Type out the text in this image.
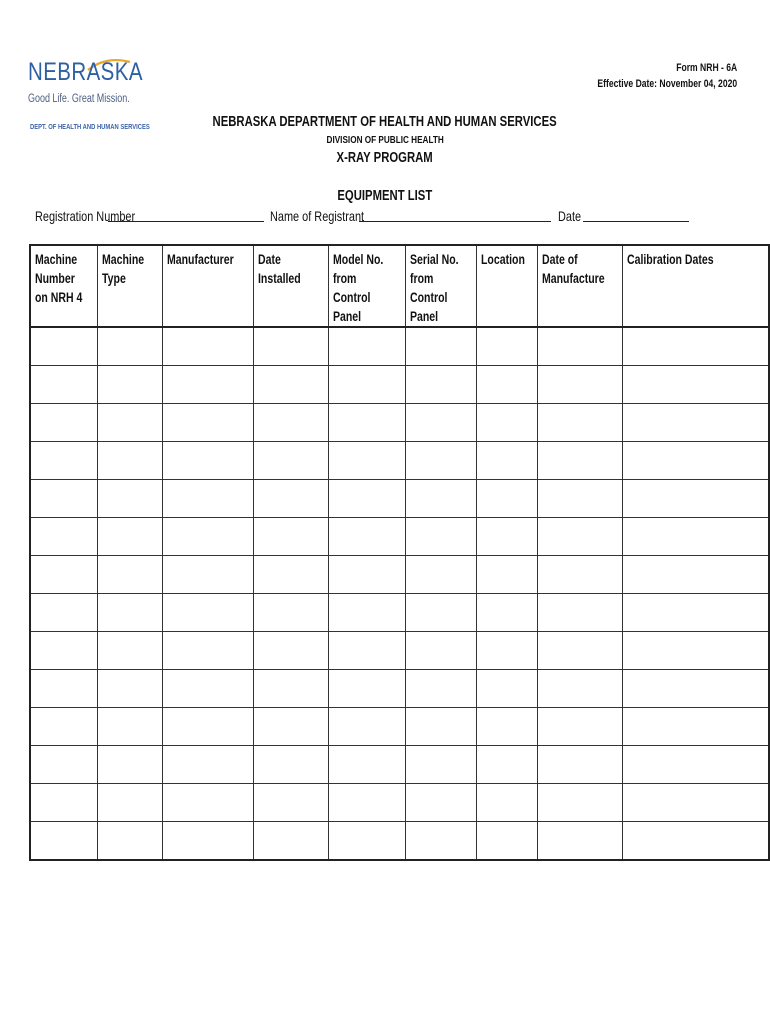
NEBRASKA
Good Life. Great Mission.
DEPT. OF HEALTH AND HUMAN SERVICES
Form NRH - 6A
Effective Date: November 04, 2020
NEBRASKA DEPARTMENT OF HEALTH AND HUMAN SERVICES
DIVISION OF PUBLIC HEALTH
X-RAY PROGRAM
EQUIPMENT LIST
Registration Number	Name of Registrant	Date
Machine Number on NRH 4	Machine Type	Manufacturer	Date Installed	Model No. from Control Panel	Serial No. from Control Panel	Location	Date of Manufacture	Calibration Dates
